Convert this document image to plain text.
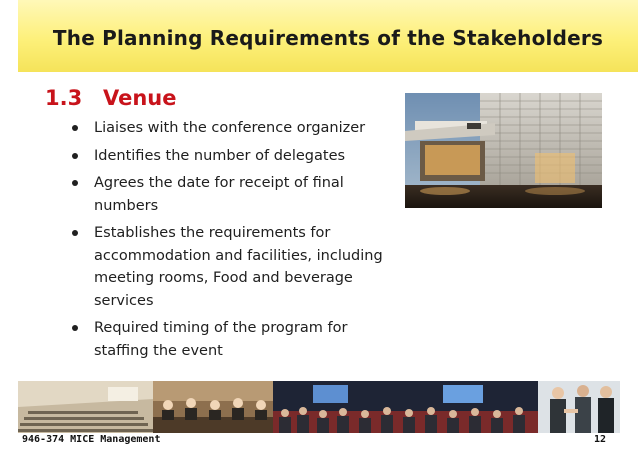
The Planning Requirements of the Stakeholders
1.3 Venue
Liaises with the conference organizer
Identifies the number of delegates
Agrees the date for receipt of final
numbers
Establishes the requirements for
accommodation and facilities, including
meeting rooms, Food and beverage
services
Required timing of the program for
staffing the event
946-374 MICE Management	12
